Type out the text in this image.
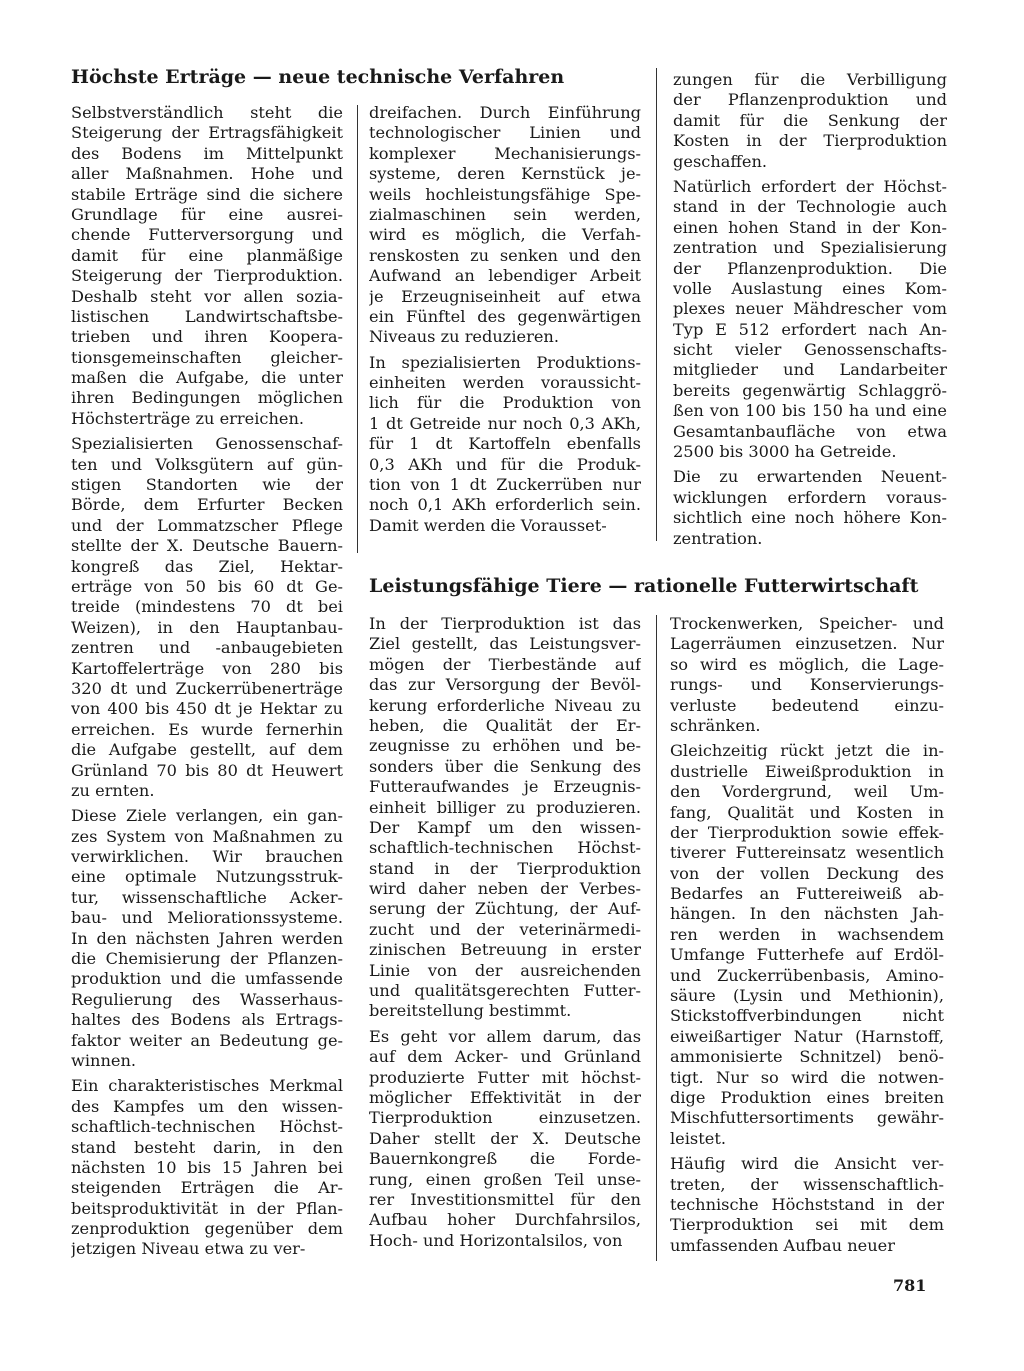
Höchste Erträge — neue technische Verfahren
Selbstverständlich steht die
Steigerung der Ertragsfähigkeit
des Bodens im Mittelpunkt
aller Maßnahmen. Hohe und
stabile Erträge sind die sichere
Grundlage für eine ausrei-
chende Futterversorgung und
damit für eine planmäßige
Steigerung der Tierproduktion.
Deshalb steht vor allen sozia-
listischen Landwirtschaftsbe-
trieben und ihren Koopera-
tionsgemeinschaften gleicher-
maßen die Aufgabe, die unter
ihren Bedingungen möglichen
Höchsterträge zu erreichen.
Spezialisierten Genossenschaf-
ten und Volksgütern auf gün-
stigen Standorten wie der
Börde, dem Erfurter Becken
und der Lommatzscher Pflege
stellte der X. Deutsche Bauern-
kongreß das Ziel, Hektar-
erträge von 50 bis 60 dt Ge-
treide (mindestens 70 dt bei
Weizen), in den Hauptanbau-
zentren und -anbaugebieten
Kartoffelerträge von 280 bis
320 dt und Zuckerrübenerträge
von 400 bis 450 dt je Hektar zu
erreichen. Es wurde fernerhin
die Aufgabe gestellt, auf dem
Grünland 70 bis 80 dt Heuwert
zu ernten.
Diese Ziele verlangen, ein gan-
zes System von Maßnahmen zu
verwirklichen. Wir brauchen
eine optimale Nutzungsstruk-
tur, wissenschaftliche Acker-
bau- und Meliorationssysteme.
In den nächsten Jahren werden
die Chemisierung der Pflanzen-
produktion und die umfassende
Regulierung des Wasserhaus-
haltes des Bodens als Ertrags-
faktor weiter an Bedeutung ge-
winnen.
Ein charakteristisches Merkmal
des Kampfes um den wissen-
schaftlich-technischen Höchst-
stand besteht darin, in den
nächsten 10 bis 15 Jahren bei
steigenden Erträgen die Ar-
beitsproduktivität in der Pflan-
zenproduktion gegenüber dem
jetzigen Niveau etwa zu ver-
dreifachen. Durch Einführung
technologischer Linien und
komplexer Mechanisierungs-
systeme, deren Kernstück je-
weils hochleistungsfähige Spe-
zialmaschinen sein werden,
wird es möglich, die Verfah-
renskosten zu senken und den
Aufwand an lebendiger Arbeit
je Erzeugniseinheit auf etwa
ein Fünftel des gegenwärtigen
Niveaus zu reduzieren.
In spezialisierten Produktions-
einheiten werden voraussicht-
lich für die Produktion von
1 dt Getreide nur noch 0,3 AKh,
für 1 dt Kartoffeln ebenfalls
0,3 AKh und für die Produk-
tion von 1 dt Zuckerrüben nur
noch 0,1 AKh erforderlich sein.
Damit werden die Vorausset-
zungen für die Verbilligung
der Pflanzenproduktion und
damit für die Senkung der
Kosten in der Tierproduktion
geschaffen.
Natürlich erfordert der Höchst-
stand in der Technologie auch
einen hohen Stand in der Kon-
zentration und Spezialisierung
der Pflanzenproduktion. Die
volle Auslastung eines Kom-
plexes neuer Mähdrescher vom
Typ E 512 erfordert nach An-
sicht vieler Genossenschafts-
mitglieder und Landarbeiter
bereits gegenwärtig Schlaggrö-
ßen von 100 bis 150 ha und eine
Gesamtanbaufläche von etwa
2500 bis 3000 ha Getreide.
Die zu erwartenden Neuent-
wicklungen erfordern voraus-
sichtlich eine noch höhere Kon-
zentration.
Leistungsfähige Tiere — rationelle Futterwirtschaft
In der Tierproduktion ist das
Ziel gestellt, das Leistungsver-
mögen der Tierbestände auf
das zur Versorgung der Bevöl-
kerung erforderliche Niveau zu
heben, die Qualität der Er-
zeugnisse zu erhöhen und be-
sonders über die Senkung des
Futteraufwandes je Erzeugnis-
einheit billiger zu produzieren.
Der Kampf um den wissen-
schaftlich-technischen Höchst-
stand in der Tierproduktion
wird daher neben der Verbes-
serung der Züchtung, der Auf-
zucht und der veterinärmedi-
zinischen Betreuung in erster
Linie von der ausreichenden
und qualitätsgerechten Futter-
bereitstellung bestimmt.
Es geht vor allem darum, das
auf dem Acker- und Grünland
produzierte Futter mit höchst-
möglicher Effektivität in der
Tierproduktion einzusetzen.
Daher stellt der X. Deutsche
Bauernkongreß die Forde-
rung, einen großen Teil unse-
rer Investitionsmittel für den
Aufbau hoher Durchfahrsilos,
Hoch- und Horizontalsilos, von
Trockenwerken, Speicher- und
Lagerräumen einzusetzen. Nur
so wird es möglich, die Lage-
rungs- und Konservierungs-
verluste bedeutend einzu-
schränken.
Gleichzeitig rückt jetzt die in-
dustrielle Eiweißproduktion in
den Vordergrund, weil Um-
fang, Qualität und Kosten in
der Tierproduktion sowie effek-
tiverer Futtereinsatz wesentlich
von der vollen Deckung des
Bedarfes an Futtereiweiß ab-
hängen. In den nächsten Jah-
ren werden in wachsendem
Umfange Futterhefe auf Erdöl-
und Zuckerrübenbasis, Amino-
säure (Lysin und Methionin),
Stickstoffverbindungen nicht
eiweißartiger Natur (Harnstoff,
ammonisierte Schnitzel) benö-
tigt. Nur so wird die notwen-
dige Produktion eines breiten
Mischfuttersortiments gewähr-
leistet.
Häufig wird die Ansicht ver-
treten, der wissenschaftlich-
technische Höchststand in der
Tierproduktion sei mit dem
umfassenden Aufbau neuer

781
